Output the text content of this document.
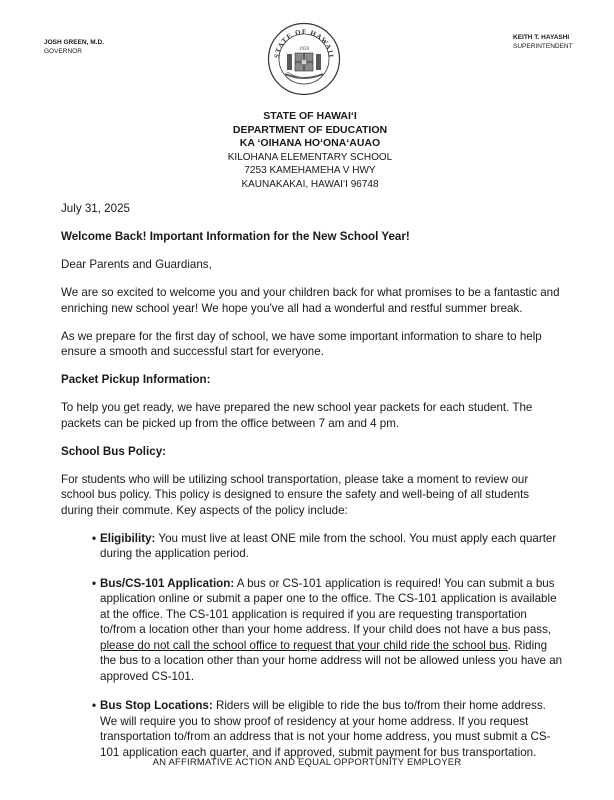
JOSH GREEN, M.D.
GOVERNOR
STATE OF HAWAII
1959
KEITH T. HAYASHI
SUPERINTENDENT
STATE OF HAWAIʻI
DEPARTMENT OF EDUCATION
KA ʻOIHANA HOʻONAʻAUAO
KILOHANA ELEMENTARY SCHOOL
7253 KAMEHAMEHA V HWY
KAUNAKAKAI, HAWAIʻI 96748

July 31, 2025

Welcome Back! Important Information for the New School Year!

Dear Parents and Guardians,

We are so excited to welcome you and your children back for what promises to be a fantastic and enriching new school year! We hope you've all had a wonderful and restful summer break.

As we prepare for the first day of school, we have some important information to share to help ensure a smooth and successful start for everyone.

Packet Pickup Information:

To help you get ready, we have prepared the new school year packets for each student. The packets can be picked up from the office between 7 am and 4 pm.

School Bus Policy:

For students who will be utilizing school transportation, please take a moment to review our school bus policy. This policy is designed to ensure the safety and well-being of all students during their commute. Key aspects of the policy include:

• Eligibility: You must live at least ONE mile from the school. You must apply each quarter during the application period.
• Bus/CS-101 Application: A bus or CS-101 application is required! You can submit a bus application online or submit a paper one to the office. The CS-101 application is available at the office. The CS-101 application is required if you are requesting transportation to/from a location other than your home address. If your child does not have a bus pass, please do not call the school office to request that your child ride the school bus. Riding the bus to a location other than your home address will not be allowed unless you have an approved CS-101.
• Bus Stop Locations: Riders will be eligible to ride the bus to/from their home address. We will require you to show proof of residency at your home address. If you request transportation to/from an address that is not your home address, you must submit a CS-101 application each quarter, and if approved, submit payment for bus transportation.
AN AFFIRMATIVE ACTION AND EQUAL OPPORTUNITY EMPLOYER
